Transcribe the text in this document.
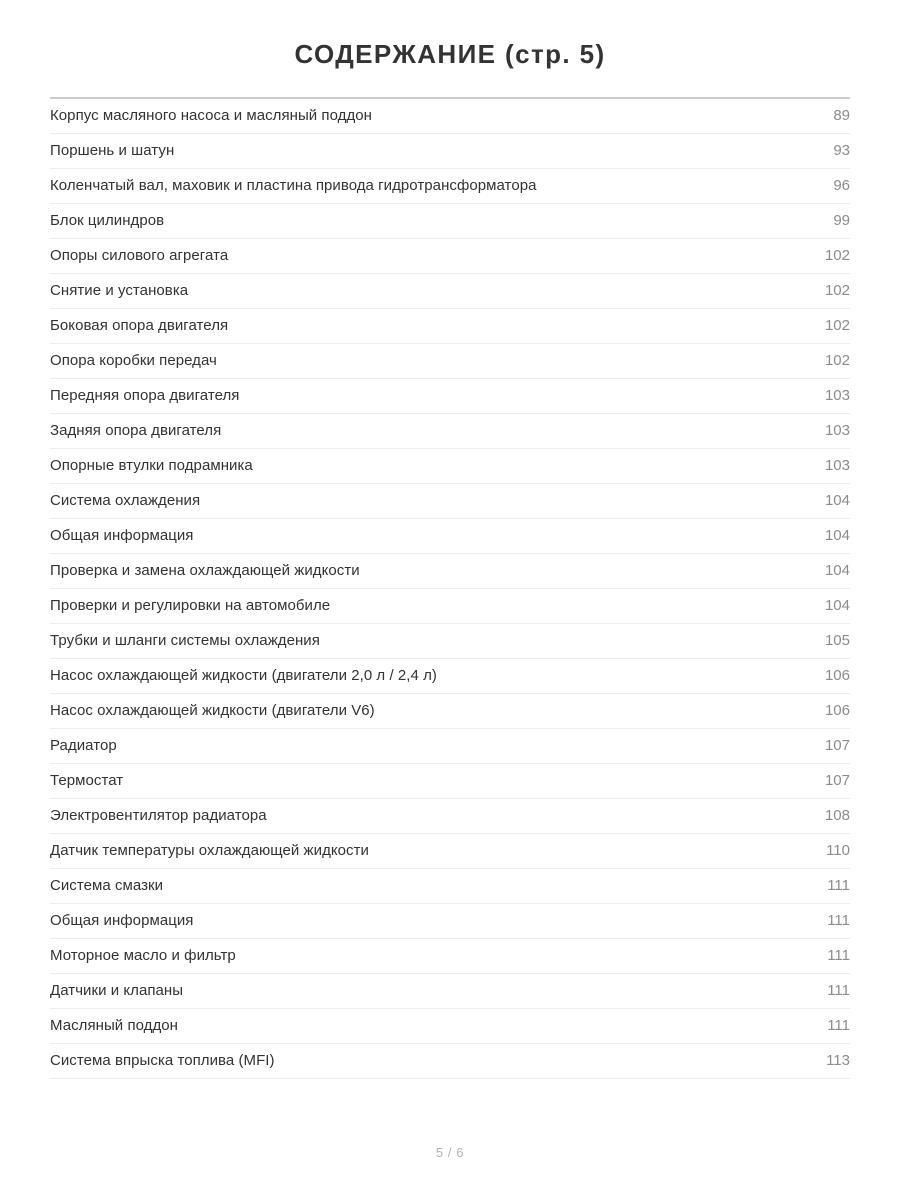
СОДЕРЖАНИЕ (стр. 5)

Корпус масляного насоса и масляный поддон	89
Поршень и шатун	93
Коленчатый вал, маховик и пластина привода гидротрансформатора	96
Блок цилиндров	99
Опоры силового агрегата	102
Снятие и установка	102
Боковая опора двигателя	102
Опора коробки передач	102
Передняя опора двигателя	103
Задняя опора двигателя	103
Опорные втулки подрамника	103
Система охлаждения	104
Общая информация	104
Проверка и замена охлаждающей жидкости	104
Проверки и регулировки на автомобиле	104
Трубки и шланги системы охлаждения	105
Насос охлаждающей жидкости (двигатели 2,0 л / 2,4 л)	106
Насос охлаждающей жидкости (двигатели V6)	106
Радиатор	107
Термостат	107
Электровентилятор радиатора	108
Датчик температуры охлаждающей жидкости	110
Система смазки	111
Общая информация	111
Моторное масло и фильтр	111
Датчики и клапаны	111
Масляный поддон	111
Система впрыска топлива (MFI)	113
5 / 6
